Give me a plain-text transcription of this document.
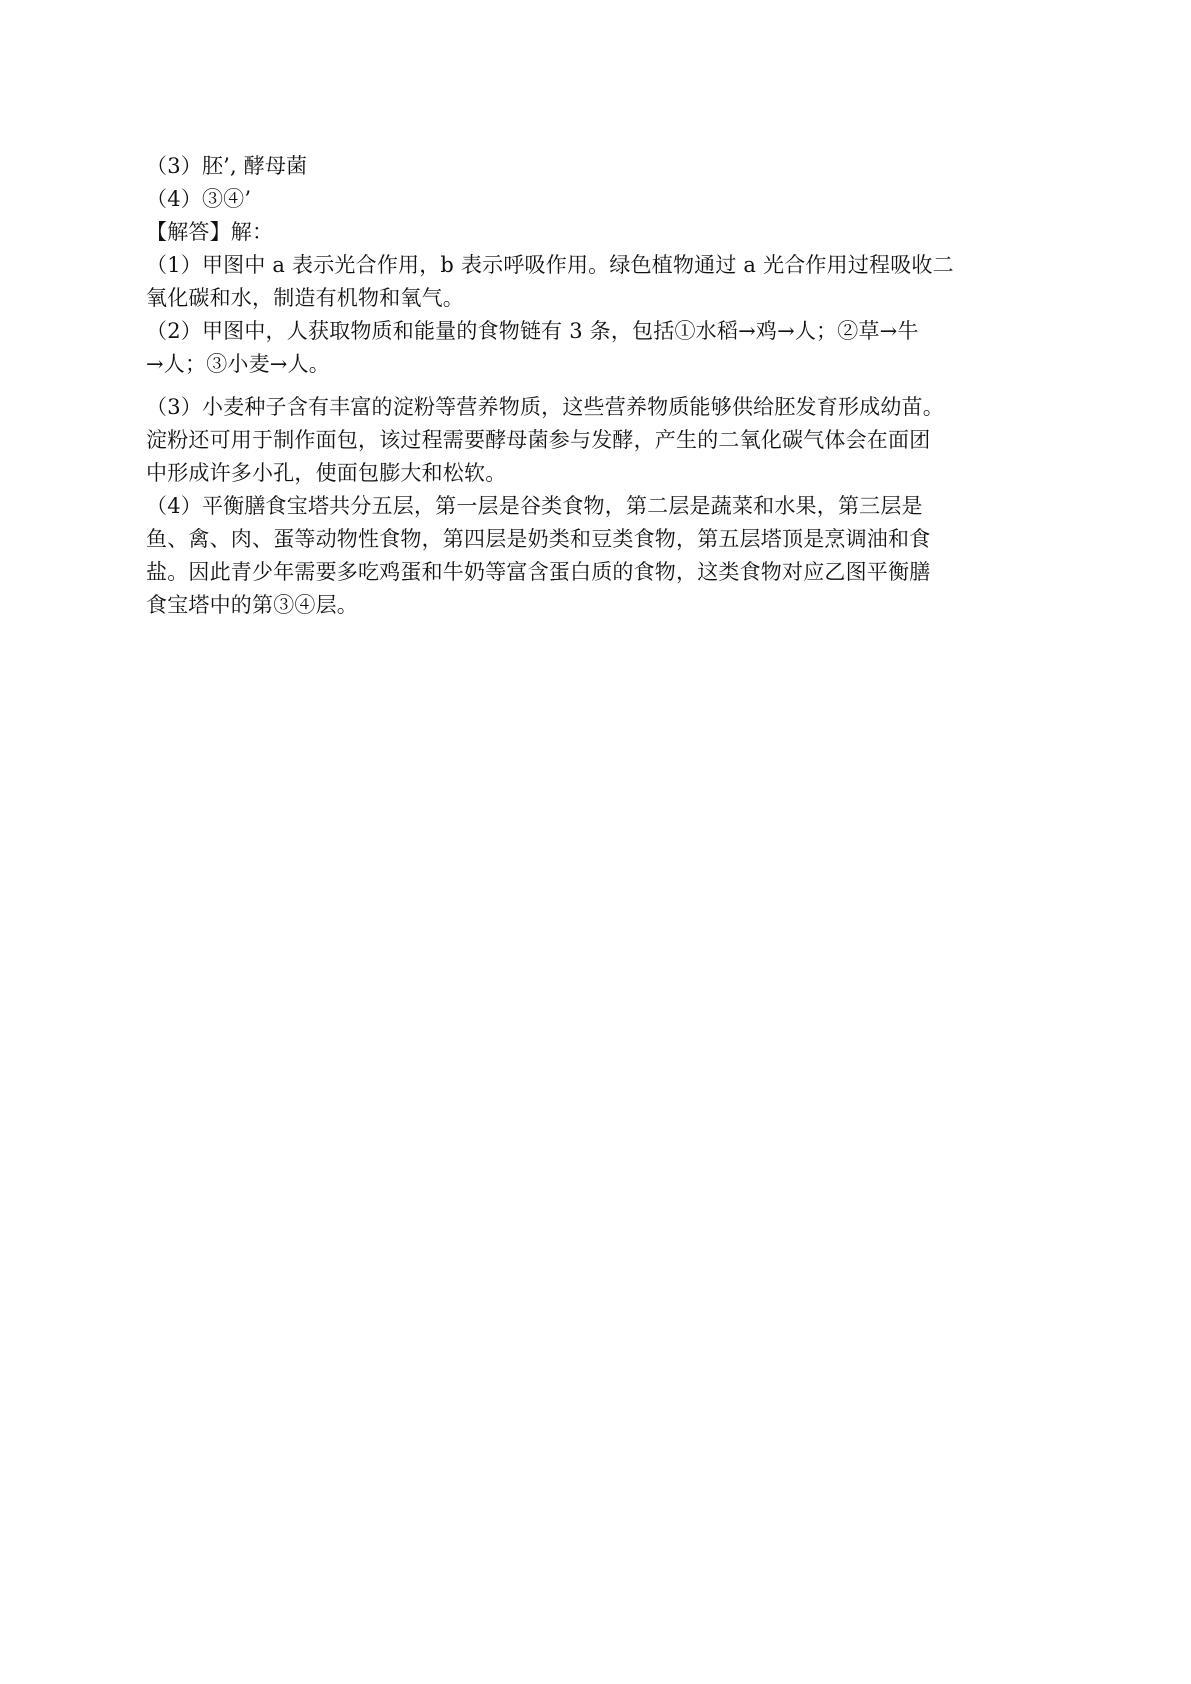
（3）胚’, 酵母菌
（4）③④’
【解答】解：
（1）甲图中 a 表示光合作用，b 表示呼吸作用。绿色植物通过 a 光合作用过程吸收二
氧化碳和水，制造有机物和氧气。
（2）甲图中，人获取物质和能量的食物链有 3 条，包括①水稻→鸡→人；②草→牛
→人；③小麦→人。
（3）小麦种子含有丰富的淀粉等营养物质，这些营养物质能够供给胚发育形成幼苗。
淀粉还可用于制作面包，该过程需要酵母菌参与发酵，产生的二氧化碳气体会在面团
中形成许多小孔，使面包膨大和松软。
（4）平衡膳食宝塔共分五层，第一层是谷类食物，第二层是蔬菜和水果，第三层是
鱼、禽、肉、蛋等动物性食物，第四层是奶类和豆类食物，第五层塔顶是烹调油和食
盐。因此青少年需要多吃鸡蛋和牛奶等富含蛋白质的食物，这类食物对应乙图平衡膳
食宝塔中的第③④层。
